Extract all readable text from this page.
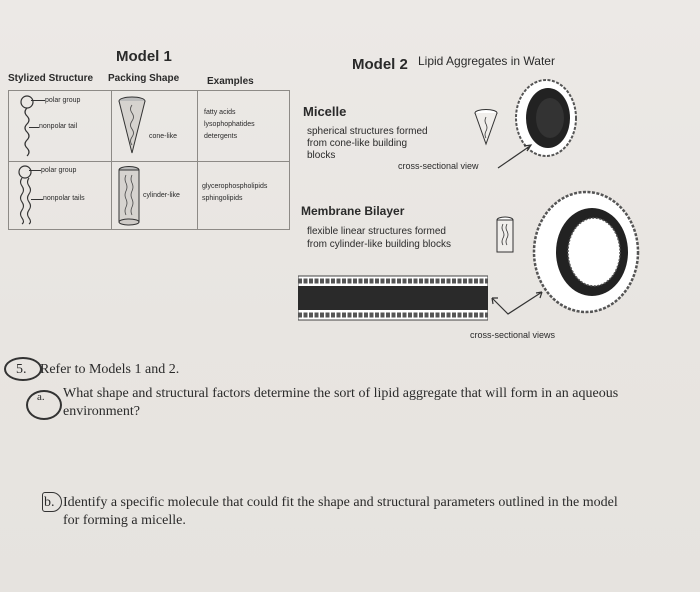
Model 1
Stylized Structure Packing Shape	Examples
polar group
nonpolar tail
cone-like
fatty acids
lysophophatides
detergents
polar group
nonpolar tails	cylinder-like
glycerophospholipids
sphingolipids
Model 2 Lipid Aggregates in Water
Micelle
spherical structures formed
from cone-like building
blocks
cross-sectional view
Membrane Bilayer
flexible linear structures formed
from cylinder-like building blocks
cross-sectional views
5. Refer to Models 1 and 2.
a. What shape and structural factors determine the sort of lipid aggregate that will form in an aqueous
environment?
b. Identify a specific molecule that could fit the shape and structural parameters outlined in the model
for forming a micelle.
